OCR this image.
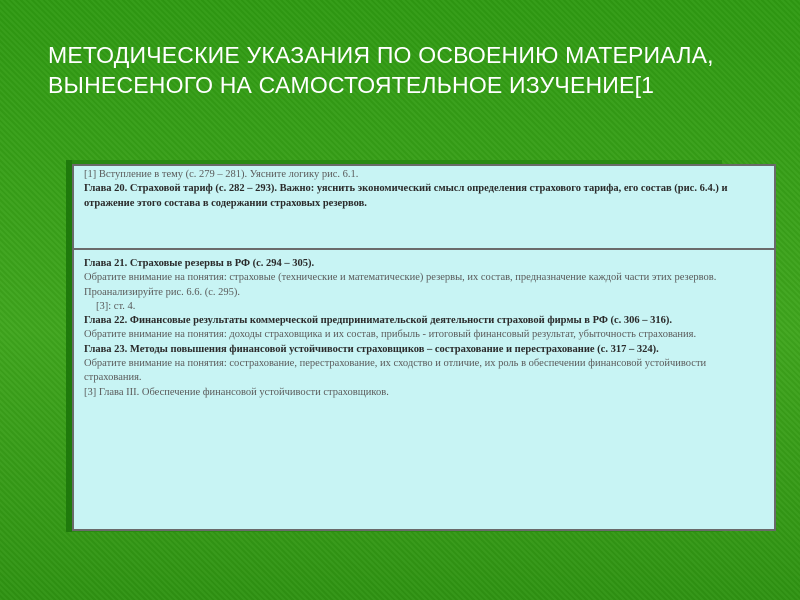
МЕТОДИЧЕСКИЕ УКАЗАНИЯ ПО ОСВОЕНИЮ МАТЕРИАЛА, ВЫНЕСЕНОГО НА САМОСТОЯТЕЛЬНОЕ ИЗУЧЕНИЕ[1
[1] Вступление в тему (с. 279 – 281). Уясните логику рис. 6.1.
Глава 20. Страховой тариф (с. 282 – 293). Важно: уяснить экономический смысл определения страхового тарифа, его состав (рис. 6.4.) и отражение этого состава в содержании страховых резервов.
Глава 21. Страховые резервы в РФ (с. 294 – 305).
Обратите внимание на понятия: страховые (технические и математические) резервы, их состав, предназначение каждой части этих резервов. Проанализируйте рис. 6.6. (с. 295).
[3]: ст. 4.
Глава 22. Финансовые результаты коммерческой предпринимательской деятельности страховой фирмы в РФ (с. 306 – 316).
Обратите внимание на понятия: доходы страховщика и их состав, прибыль - итоговый финансовый результат, убыточность страхования.
Глава 23. Методы повышения финансовой устойчивости страховщиков – сострахование и перестрахование (с. 317 – 324).
Обратите внимание на понятия: сострахование, перестрахование, их сходство и отличие, их роль в обеспечении финансовой устойчивости страхования.
[3] Глава III. Обеспечение финансовой устойчивости страховщиков.
